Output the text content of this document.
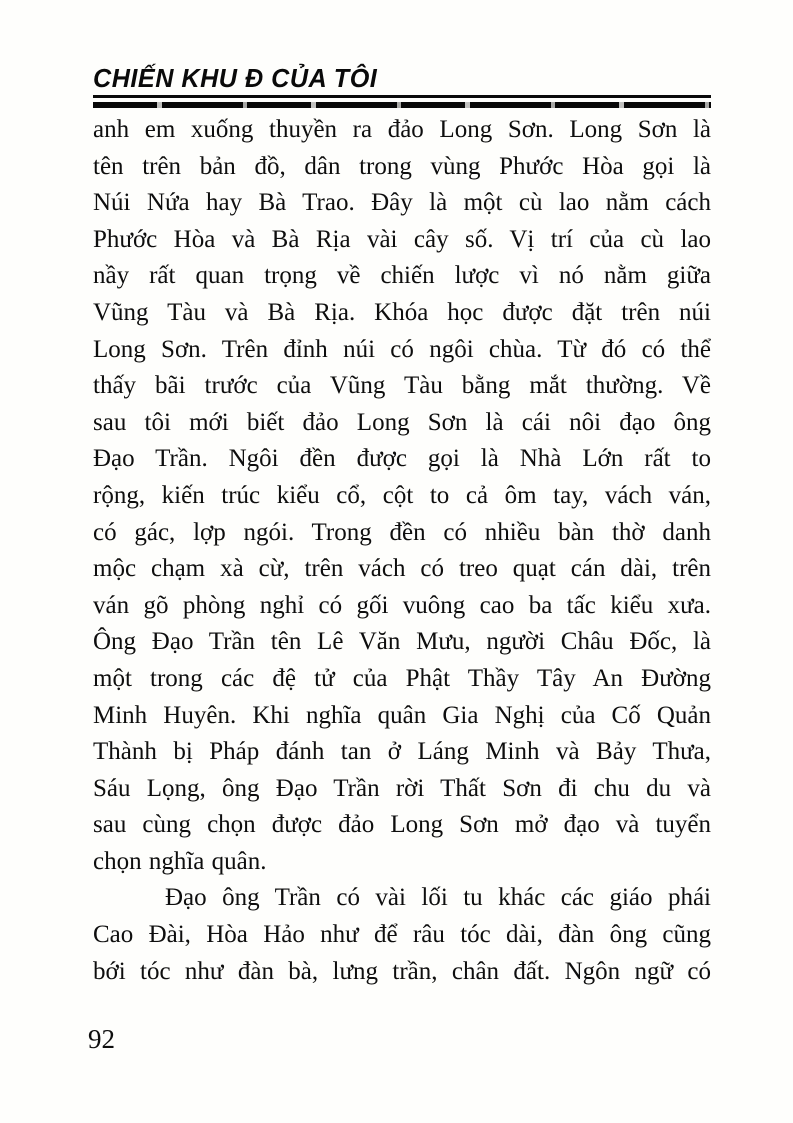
CHIẾN KHU Đ CỦA TÔI
anh em xuống thuyền ra đảo Long Sơn. Long Sơn là
tên trên bản đồ, dân trong vùng Phước Hòa gọi là
Núi Nứa hay Bà Trao. Đây là một cù lao nằm cách
Phước Hòa và Bà Rịa vài cây số. Vị trí của cù lao
nầy rất quan trọng về chiến lược vì nó nằm giữa
Vũng Tàu và Bà Rịa. Khóa học được đặt trên núi
Long Sơn. Trên đỉnh núi có ngôi chùa. Từ đó có thể
thấy bãi trước của Vũng Tàu bằng mắt thường. Về
sau tôi mới biết đảo Long Sơn là cái nôi đạo ông
Đạo Trần. Ngôi đền được gọi là Nhà Lớn rất to
rộng, kiến trúc kiểu cổ, cột to cả ôm tay, vách ván,
có gác, lợp ngói. Trong đền có nhiều bàn thờ danh
mộc chạm xà cừ, trên vách có treo quạt cán dài, trên
ván gõ phòng nghỉ có gối vuông cao ba tấc kiểu xưa.
Ông Đạo Trần tên Lê Văn Mưu, người Châu Đốc, là
một trong các đệ tử của Phật Thầy Tây An Đường
Minh Huyên. Khi nghĩa quân Gia Nghị của Cố Quản
Thành bị Pháp đánh tan ở Láng Minh và Bảy Thưa,
Sáu Lọng, ông Đạo Trần rời Thất Sơn đi chu du và
sau cùng chọn được đảo Long Sơn mở đạo và tuyển
chọn nghĩa quân.
Đạo ông Trần có vài lối tu khác các giáo phái
Cao Đài, Hòa Hảo như để râu tóc dài, đàn ông cũng
bới tóc như đàn bà, lưng trần, chân đất. Ngôn ngữ có
92
